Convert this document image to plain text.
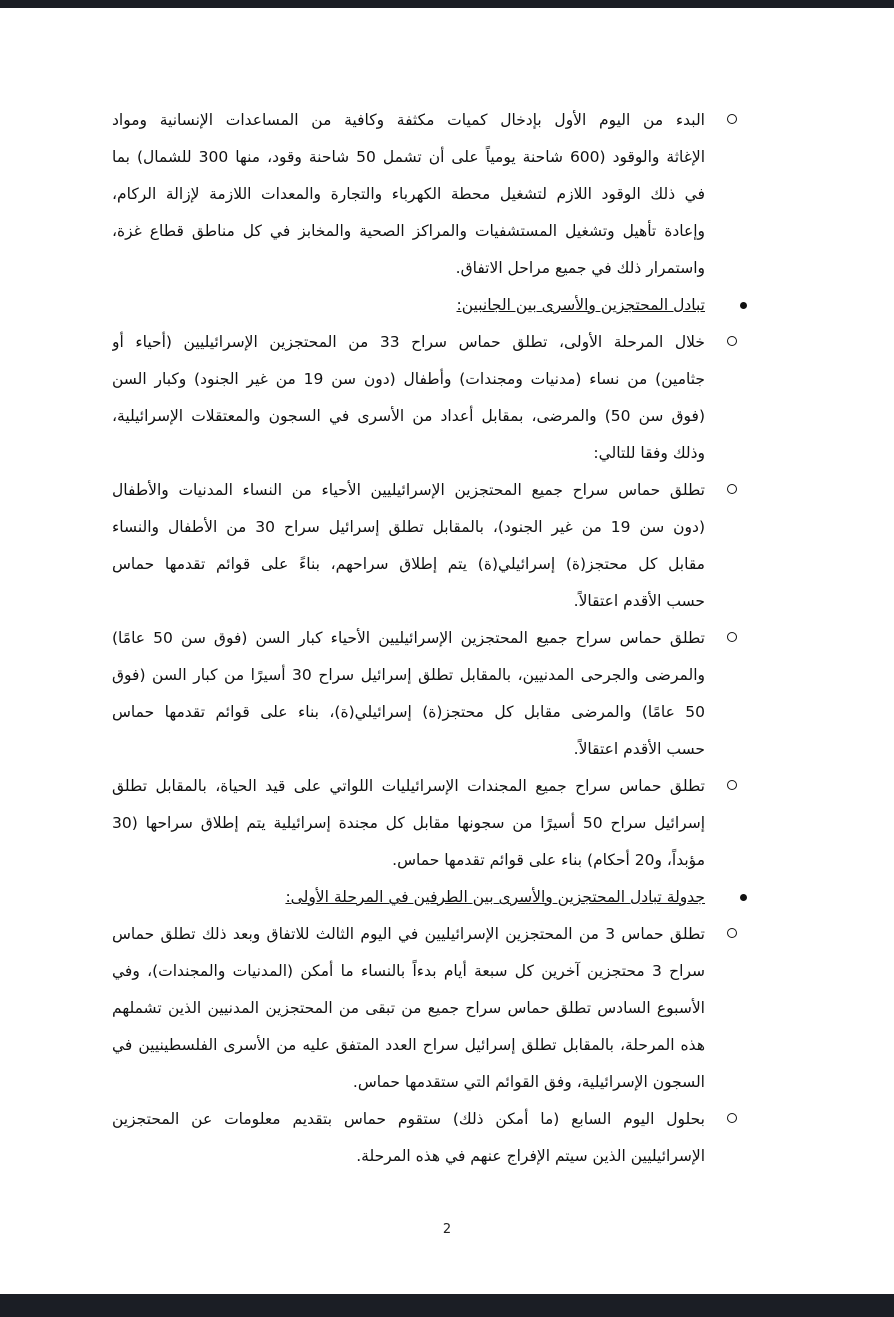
البدء من اليوم الأول بإدخال كميات مكثفة وكافية من المساعدات الإنسانية ومواد
الإغاثة والوقود (600 شاحنة يومياً على أن تشمل 50 شاحنة وقود، منها 300 للشمال) بما
في ذلك الوقود اللازم لتشغيل محطة الكهرباء والتجارة والمعدات اللازمة لإزالة الركام،
وإعادة تأهيل وتشغيل المستشفيات والمراكز الصحية والمخابز في كل مناطق قطاع غزة،
واستمرار ذلك في جميع مراحل الاتفاق.
تبادل المحتجزين والأسرى بين الجانبين:
خلال المرحلة الأولى، تطلق حماس سراح 33 من المحتجزين الإسرائيليين (أحياء أو
جثامين) من نساء (مدنيات ومجندات) وأطفال (دون سن 19 من غير الجنود) وكبار السن
(فوق سن 50) والمرضى، بمقابل أعداد من الأسرى في السجون والمعتقلات الإسرائيلية،
وذلك وفقا للتالي:
تطلق حماس سراح جميع المحتجزين الإسرائيليين الأحياء من النساء المدنيات والأطفال
(دون سن 19 من غير الجنود)، بالمقابل تطلق إسرائيل سراح 30 من الأطفال والنساء
مقابل كل محتجز(ة) إسرائيلي(ة) يتم إطلاق سراحهم، بناءً على قوائم تقدمها حماس
حسب الأقدم اعتقالاً.
تطلق حماس سراح جميع المحتجزين الإسرائيليين الأحياء كبار السن (فوق سن 50 عامًا)
والمرضى والجرحى المدنيين، بالمقابل تطلق إسرائيل سراح 30 أسيرًا من كبار السن (فوق
50 عامًا) والمرضى مقابل كل محتجز(ة) إسرائيلي(ة)، بناء على قوائم تقدمها حماس
حسب الأقدم اعتقالاً.
تطلق حماس سراح جميع المجندات الإسرائيليات اللواتي على قيد الحياة، بالمقابل تطلق
إسرائيل سراح 50 أسيرًا من سجونها مقابل كل مجندة إسرائيلية يتم إطلاق سراحها (30
مؤبداً، و20 أحكام) بناء على قوائم تقدمها حماس.
جدولة تبادل المحتجزين والأسرى بين الطرفين في المرحلة الأولى:
تطلق حماس 3 من المحتجزين الإسرائيليين في اليوم الثالث للاتفاق وبعد ذلك تطلق حماس
سراح 3 محتجزين آخرين كل سبعة أيام بدءاً بالنساء ما أمكن (المدنيات والمجندات)، وفي
الأسبوع السادس تطلق حماس سراح جميع من تبقى من المحتجزين المدنيين الذين تشملهم
هذه المرحلة، بالمقابل تطلق إسرائيل سراح العدد المتفق عليه من الأسرى الفلسطينيين في
السجون الإسرائيلية، وفق القوائم التي ستقدمها حماس.
بحلول اليوم السابع (ما أمكن ذلك) ستقوم حماس بتقديم معلومات عن المحتجزين
الإسرائيليين الذين سيتم الإفراج عنهم في هذه المرحلة.
2
